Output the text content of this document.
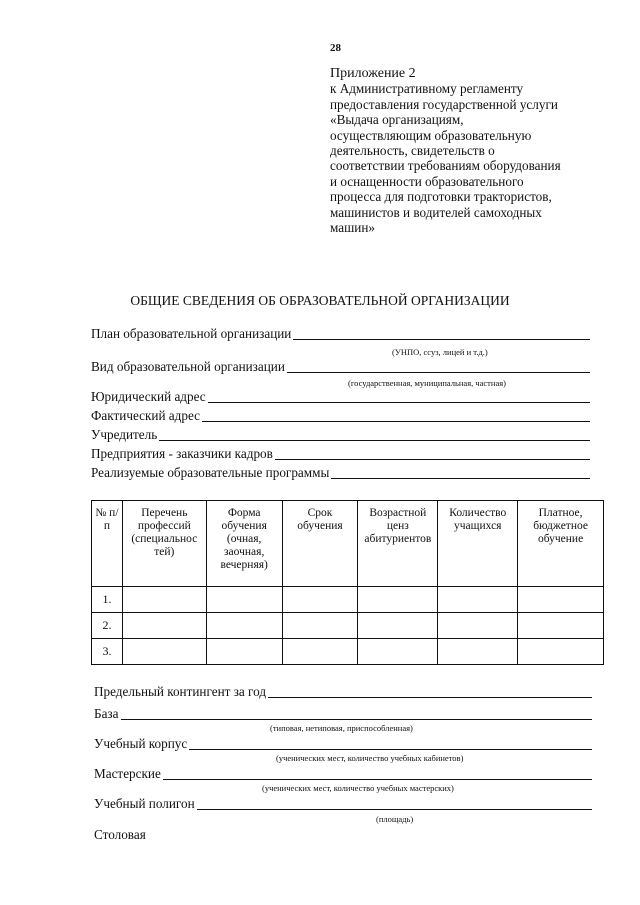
28
Приложение 2
к Административному регламенту
предоставления государственной услуги
«Выдача организациям,
осуществляющим образовательную
деятельность, свидетельств о
соответствии требованиям оборудования
и оснащенности образовательного
процесса для подготовки трактористов,
машинистов и водителей самоходных
машин»
ОБЩИЕ СВЕДЕНИЯ ОБ ОБРАЗОВАТЕЛЬНОЙ ОРГАНИЗАЦИИ
План образовательной организации
(УНПО, ссуз, лицей и т.д.)
Вид образовательной организации
(государственная, муниципальная, частная)
Юридический адрес
Фактический адрес
Учредитель
Предприятия - заказчики кадров
Реализуемые образовательные программы
№ п/п	Перечень профессий (специальнос тей)	Форма обучения (очная, заочная, вечерняя)	Срок обучения	Возрастной ценз абитуриентов	Количество учащихся	Платное, бюджетное обучение
1.						
2.						
3.						
Предельный контингент за год
База
(типовая, нетиповая, приспособленная)
Учебный корпус
(ученических мест, количество учебных кабинетов)
Мастерские
(ученических мест, количество учебных мастерских)
Учебный полигон
(площадь)
Столовая
